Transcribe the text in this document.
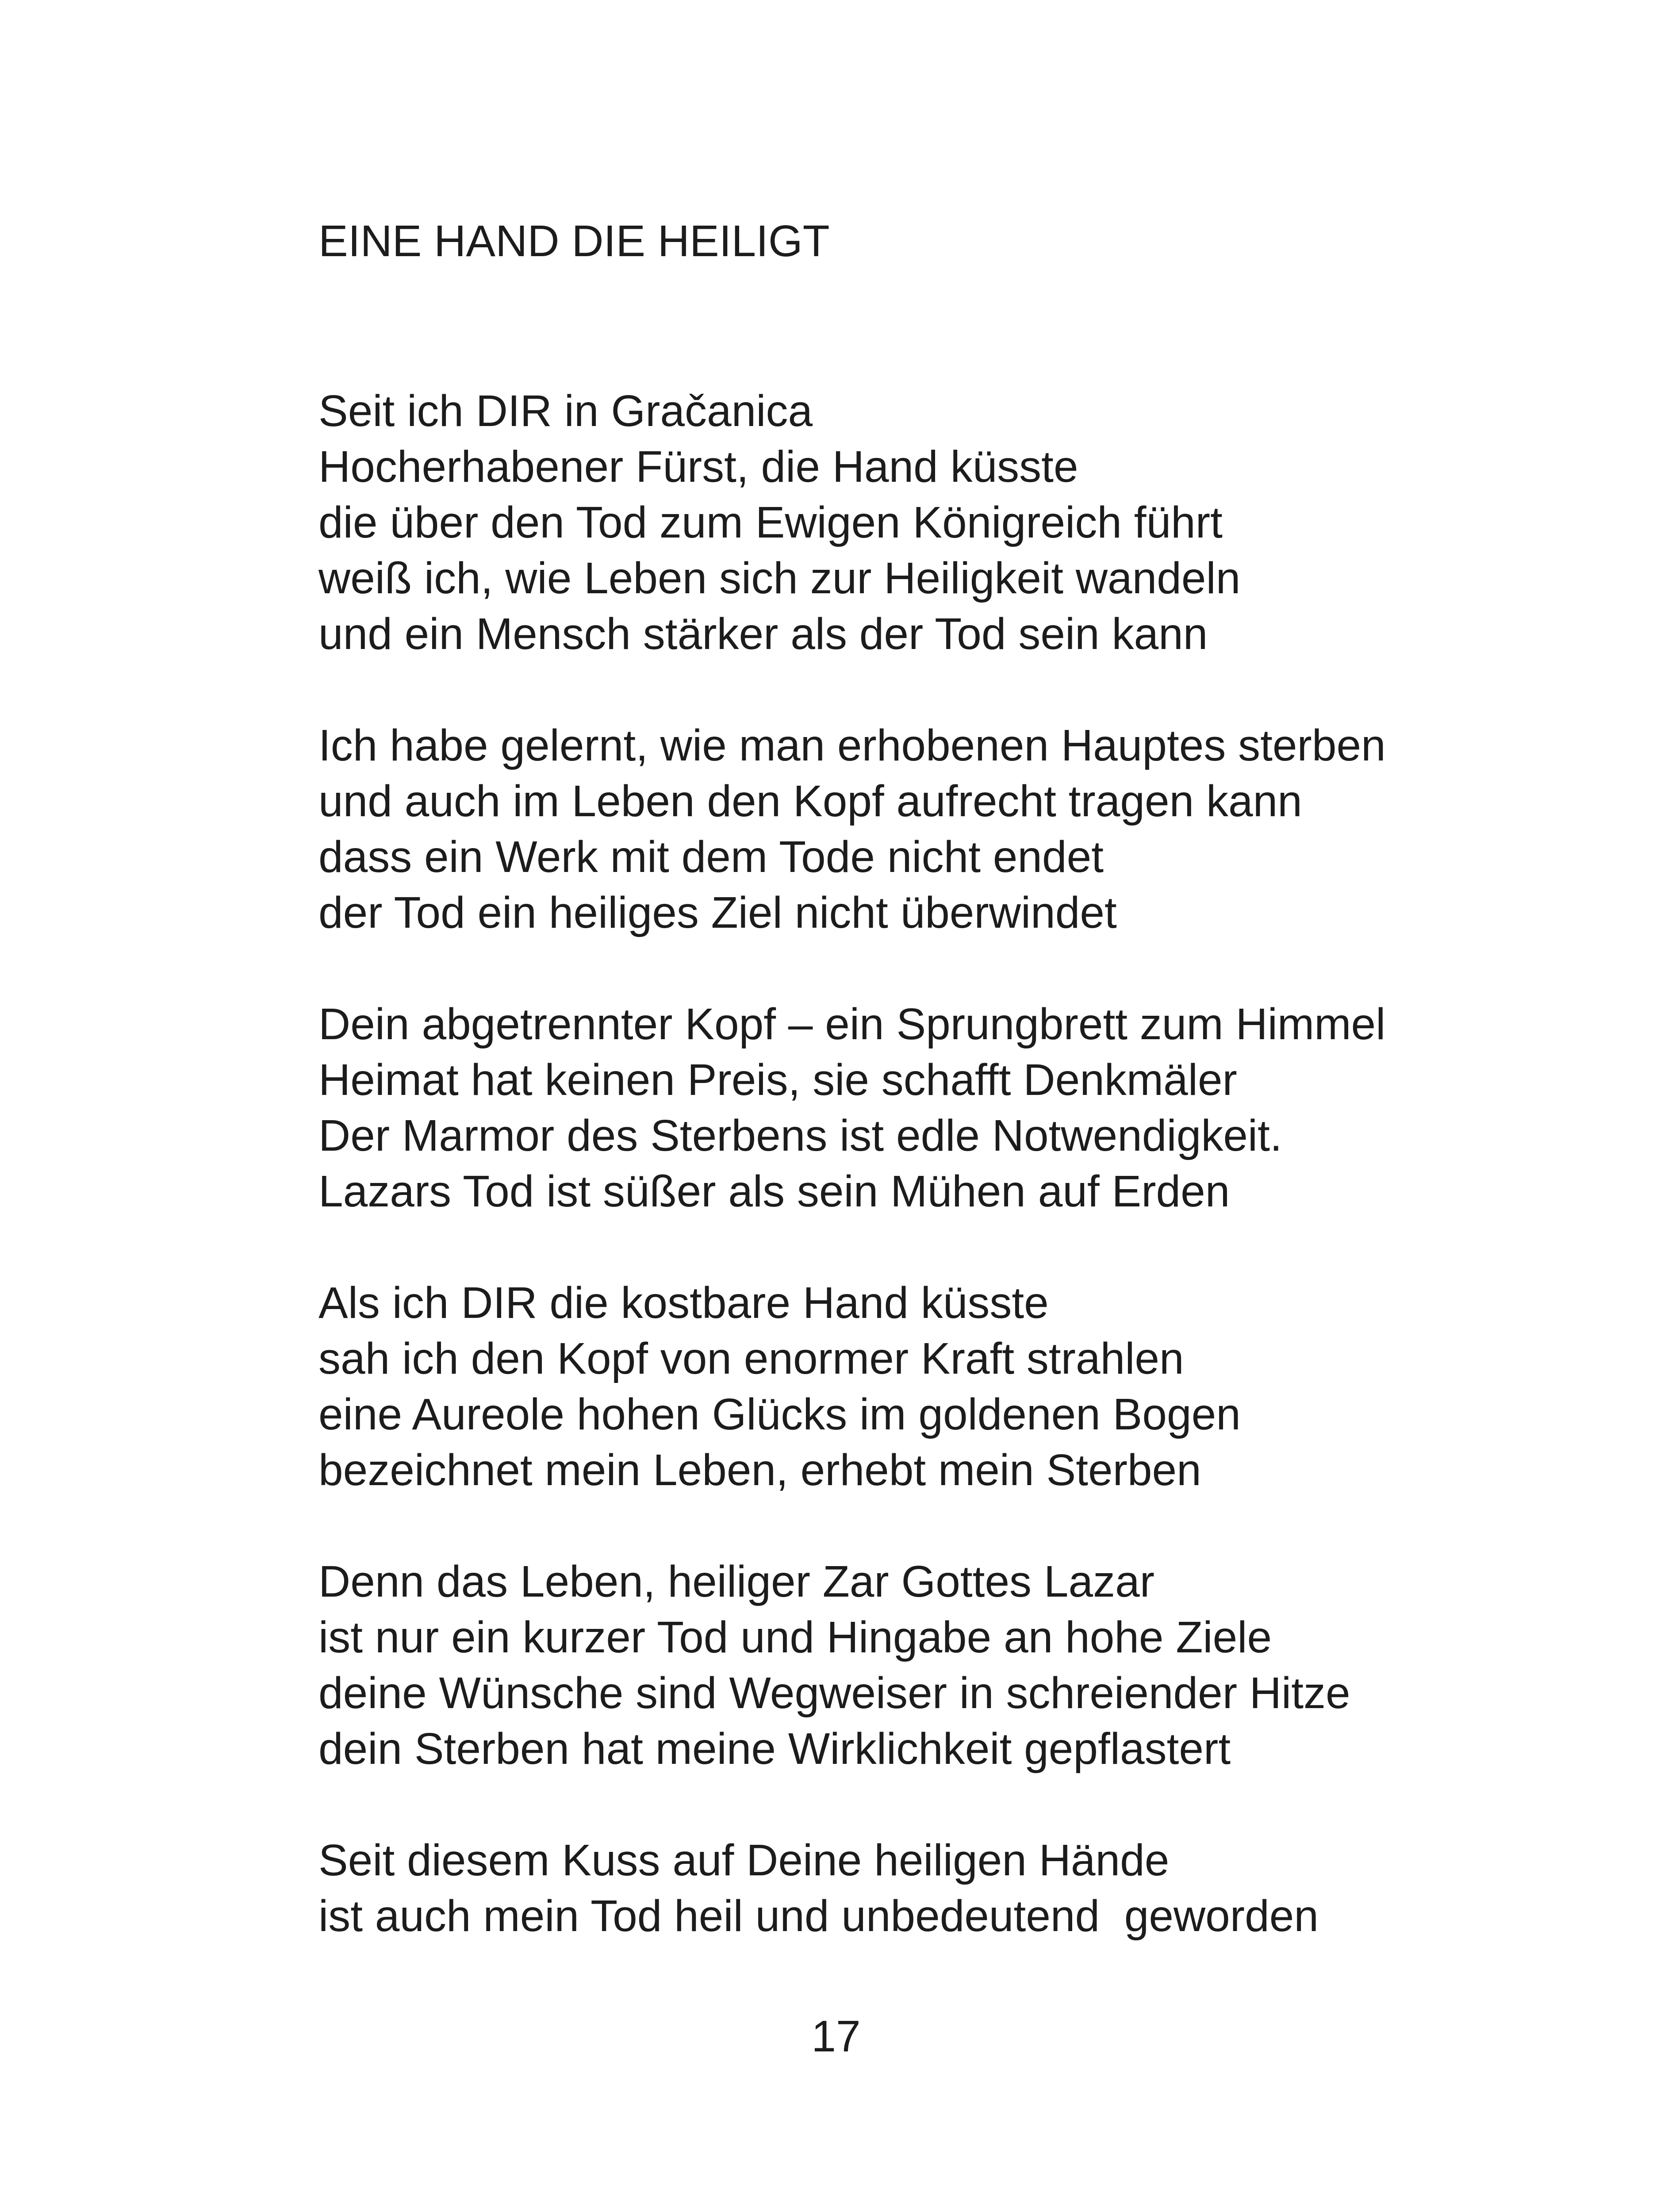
EINE HAND DIE HEILIGT
Seit ich DIR in Gračanica
Hocherhabener Fürst, die Hand küsste
die über den Tod zum Ewigen Königreich führt
weiß ich, wie Leben sich zur Heiligkeit wandeln
und ein Mensch stärker als der Tod sein kann
Ich habe gelernt, wie man erhobenen Hauptes sterben
und auch im Leben den Kopf aufrecht tragen kann
dass ein Werk mit dem Tode nicht endet
der Tod ein heiliges Ziel nicht überwindet
Dein abgetrennter Kopf – ein Sprungbrett zum Himmel
Heimat hat keinen Preis, sie schafft Denkmäler
Der Marmor des Sterbens ist edle Notwendigkeit.
Lazars Tod ist süßer als sein Mühen auf Erden
Als ich DIR die kostbare Hand küsste
sah ich den Kopf von enormer Kraft strahlen
eine Aureole hohen Glücks im goldenen Bogen
bezeichnet mein Leben, erhebt mein Sterben
Denn das Leben, heiliger Zar Gottes Lazar
ist nur ein kurzer Tod und Hingabe an hohe Ziele
deine Wünsche sind Wegweiser in schreiender Hitze
dein Sterben hat meine Wirklichkeit gepflastert
Seit diesem Kuss auf Deine heiligen Hände
ist auch mein Tod heil und unbedeutend  geworden

17
